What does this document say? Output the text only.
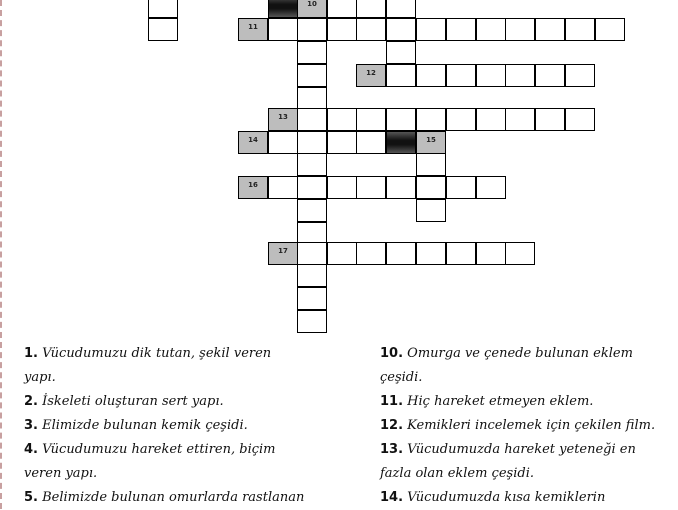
10
11
12
13
14	15
16
17

1. Vücudumuzu dik tutan, şekil veren
yapı.

2. İskeleti oluşturan sert yapı.

3. Elimizde bulunan kemik çeşidi.

4. Vücudumuzu hareket ettiren, biçim
veren yapı.

5. Belimizde bulunan omurlarda rastlanan

10. Omurga ve çenede bulunan eklem
çeşidi.

11. Hiç hareket etmeyen eklem.

12. Kemikleri incelemek için çekilen film.

13. Vücudumuzda hareket yeteneği en
fazla olan eklem çeşidi.

14. Vücudumuzda kısa kemiklerin
